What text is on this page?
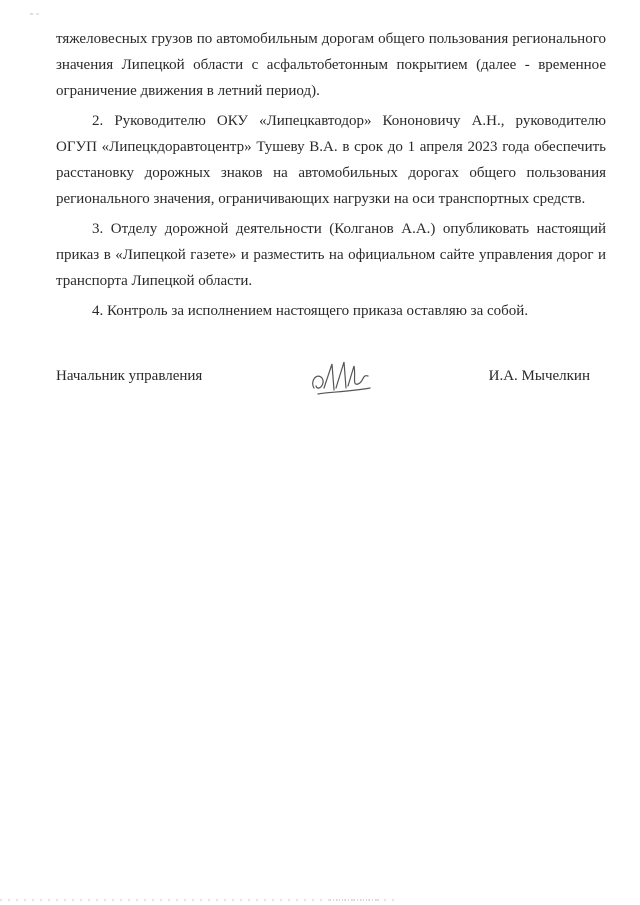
тяжеловесных грузов по автомобильным дорогам общего пользования регионального значения Липецкой области с асфальтобетонным покрытием (далее - временное ограничение движения в летний период).

2. Руководителю ОКУ «Липецкавтодор» Кононовичу А.Н., руководителю ОГУП «Липецкдоравтоцентр» Тушеву В.А. в срок до 1 апреля 2023 года обеспечить расстановку дорожных знаков на автомобильных дорогах общего пользования регионального значения, ограничивающих нагрузки на оси транспортных средств.

3. Отделу дорожной деятельности (Колганов А.А.) опубликовать настоящий приказ в «Липецкой газете» и разместить на официальном сайте управления дорог и транспорта Липецкой области.

4. Контроль за исполнением настоящего приказа оставляю за собой.

Начальник управления	И.А. Мычелкин
